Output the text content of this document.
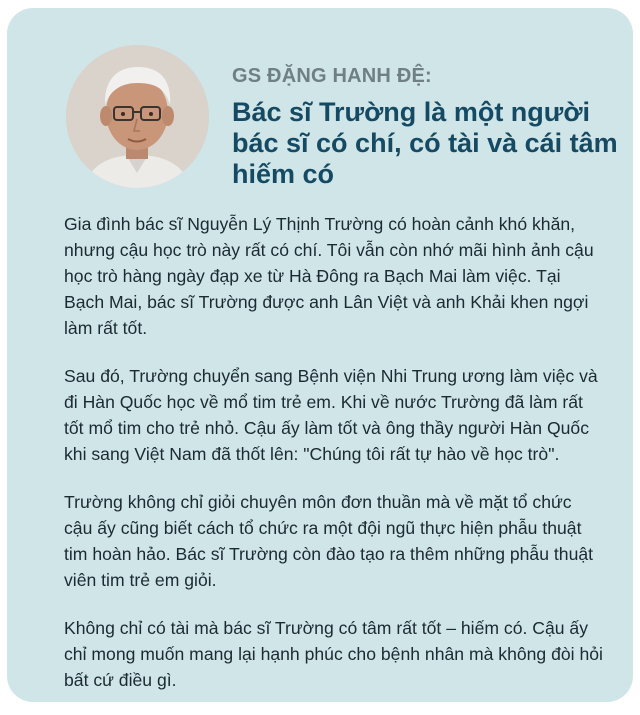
GS ĐẶNG HANH ĐỆ:
Bác sĩ Trường là một người bác sĩ có chí, có tài và cái tâm hiếm có

Gia đình bác sĩ Nguyễn Lý Thịnh Trường có hoàn cảnh khó khăn, nhưng cậu học trò này rất có chí. Tôi vẫn còn nhớ mãi hình ảnh cậu học trò hàng ngày đạp xe từ Hà Đông ra Bạch Mai làm việc. Tại Bạch Mai, bác sĩ Trường được anh Lân Việt và anh Khải khen ngợi làm rất tốt.

Sau đó, Trường chuyển sang Bệnh viện Nhi Trung ương làm việc và đi Hàn Quốc học về mổ tim trẻ em. Khi về nước Trường đã làm rất tốt mổ tim cho trẻ nhỏ. Cậu ấy làm tốt và ông thầy người Hàn Quốc khi sang Việt Nam đã thốt lên: "Chúng tôi rất tự hào về học trò".

Trường không chỉ giỏi chuyên môn đơn thuần mà về mặt tổ chức cậu ấy cũng biết cách tổ chức ra một đội ngũ thực hiện phẫu thuật tim hoàn hảo. Bác sĩ Trường còn đào tạo ra thêm những phẫu thuật viên tim trẻ em giỏi.

Không chỉ có tài mà bác sĩ Trường có tâm rất tốt – hiếm có. Cậu ấy chỉ mong muốn mang lại hạnh phúc cho bệnh nhân mà không đòi hỏi bất cứ điều gì.
